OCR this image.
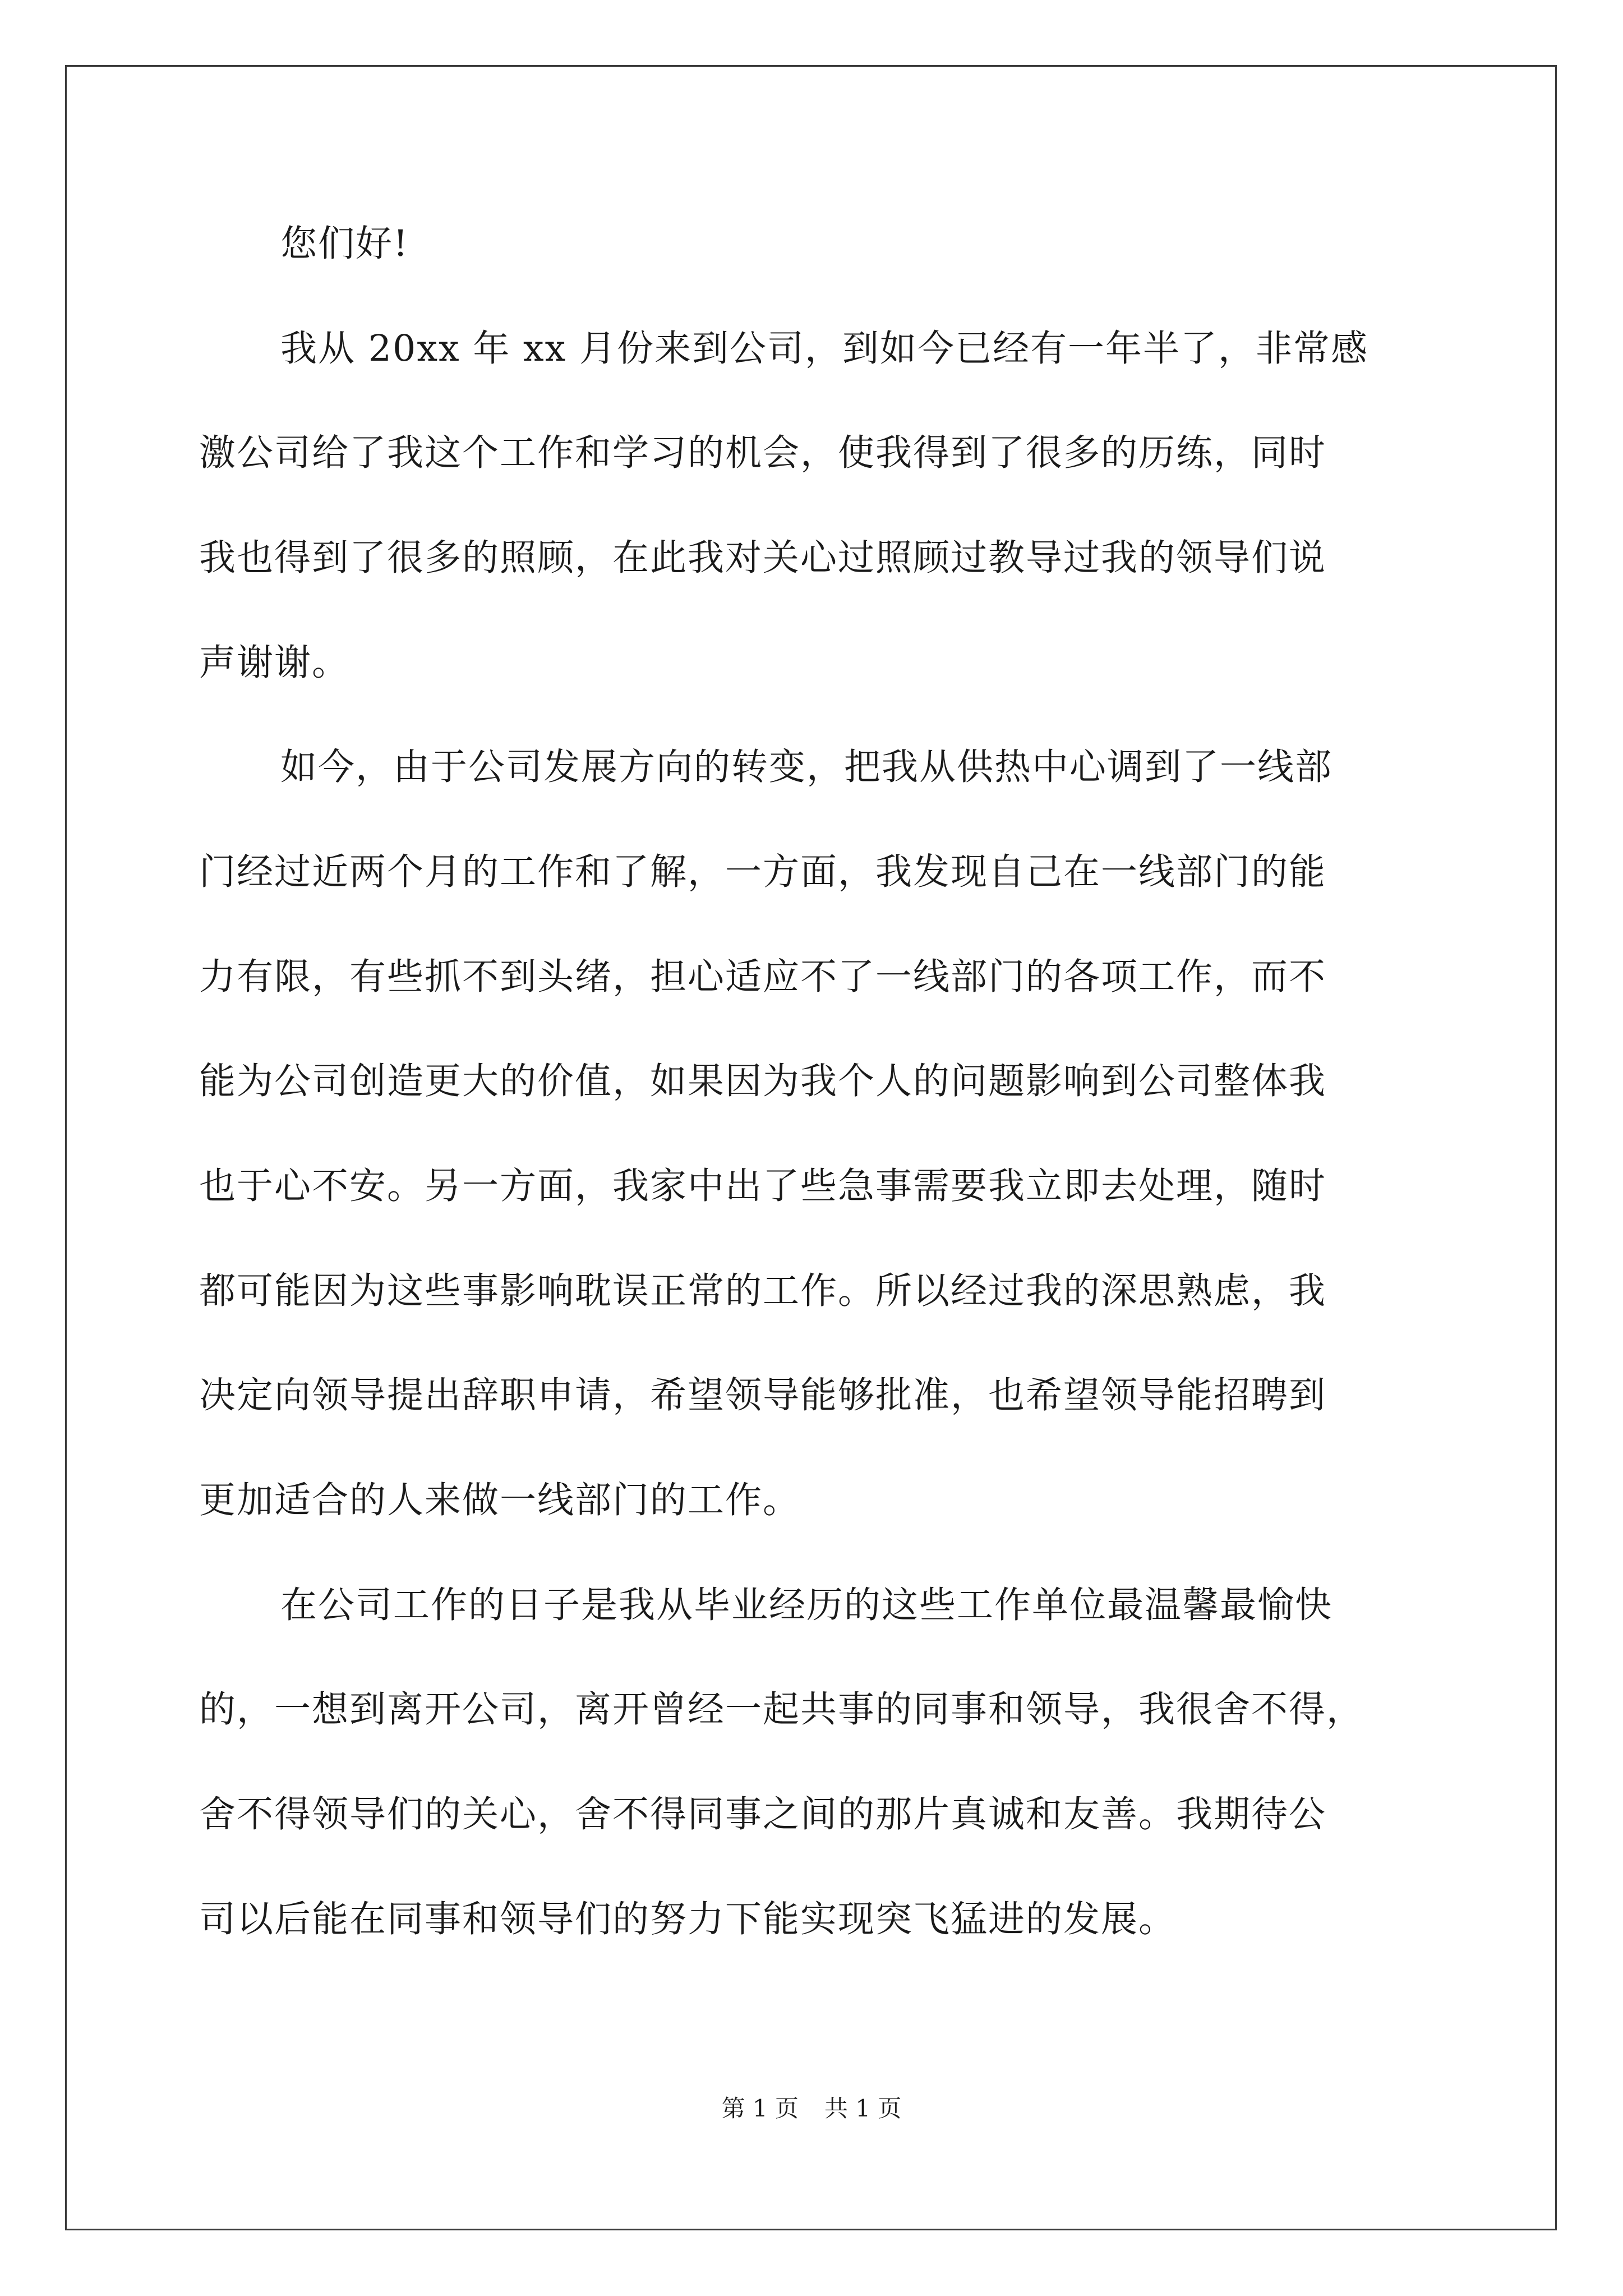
您们好!
我从 20xx 年 xx 月份来到公司，到如今已经有一年半了，非常感
激公司给了我这个工作和学习的机会，使我得到了很多的历练，同时
我也得到了很多的照顾，在此我对关心过照顾过教导过我的领导们说
声谢谢。
如今，由于公司发展方向的转变，把我从供热中心调到了一线部
门经过近两个月的工作和了解，一方面，我发现自己在一线部门的能
力有限，有些抓不到头绪，担心适应不了一线部门的各项工作，而不
能为公司创造更大的价值，如果因为我个人的问题影响到公司整体我
也于心不安。另一方面，我家中出了些急事需要我立即去处理，随时
都可能因为这些事影响耽误正常的工作。所以经过我的深思熟虑，我
决定向领导提出辞职申请，希望领导能够批准，也希望领导能招聘到
更加适合的人来做一线部门的工作。
在公司工作的日子是我从毕业经历的这些工作单位最温馨最愉快
的，一想到离开公司，离开曾经一起共事的同事和领导，我很舍不得，
舍不得领导们的关心，舍不得同事之间的那片真诚和友善。我期待公
司以后能在同事和领导们的努力下能实现突飞猛进的发展。
第 1 页 共 1 页
